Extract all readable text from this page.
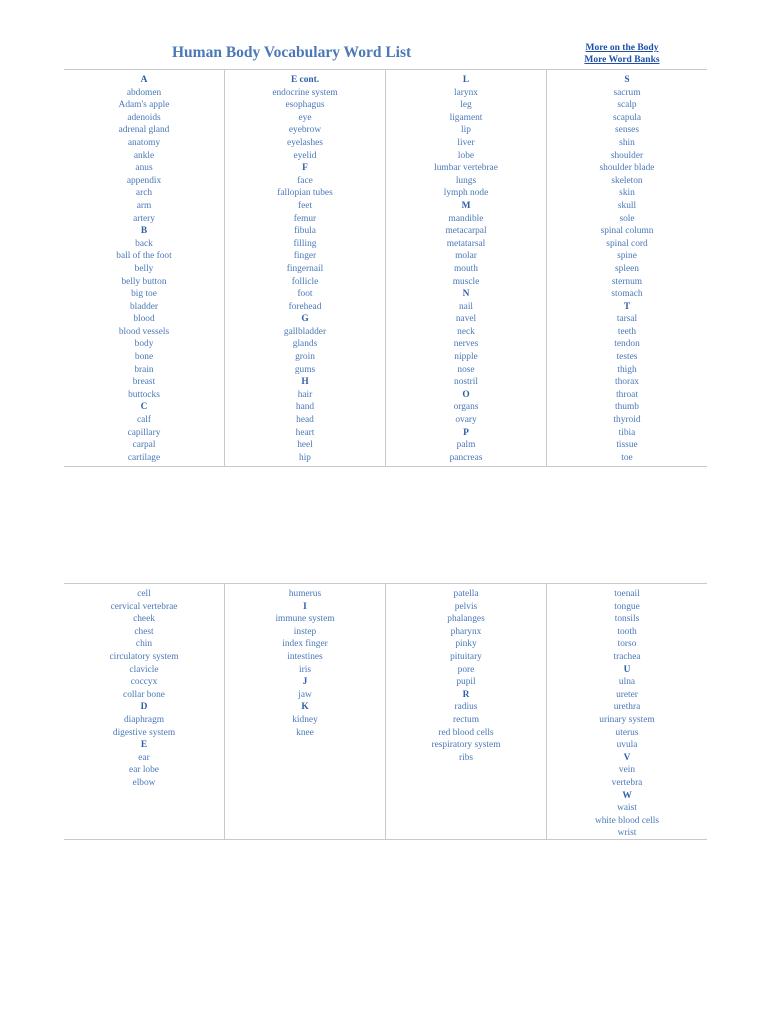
Human Body Vocabulary Word List	More on the Body
More Word Banks
A
abdomen
Adam's apple
adenoids
adrenal gland
anatomy
ankle
anus
appendix
arch
arm
artery
B
back
ball of the foot
belly
belly button
big toe
bladder
blood
blood vessels
body
bone
brain
breast
buttocks
C
calf
capillary
carpal
cartilage
E cont.
endocrine system
esophagus
eye
eyebrow
eyelashes
eyelid
F
face
fallopian tubes
feet
femur
fibula
filling
finger
fingernail
follicle
foot
forehead
G
gallbladder
glands
groin
gums
H
hair
hand
head
heart
heel
hip
L
larynx
leg
ligament
lip
liver
lobe
lumbar vertebrae
lungs
lymph node
M
mandible
metacarpal
metatarsal
molar
mouth
muscle
N
nail
navel
neck
nerves
nipple
nose
nostril
O
organs
ovary
P
palm
pancreas
S
sacrum
scalp
scapula
senses
shin
shoulder
shoulder blade
skeleton
skin
skull
sole
spinal column
spinal cord
spine
spleen
sternum
stomach
T
tarsal
teeth
tendon
testes
thigh
thorax
throat
thumb
thyroid
tibia
tissue
toe
cell
cervical vertebrae
cheek
chest
chin
circulatory system
clavicle
coccyx
collar bone
D
diaphragm
digestive system
E
ear
ear lobe
elbow
humerus
I
immune system
instep
index finger
intestines
iris
J
jaw
K
kidney
knee
patella
pelvis
phalanges
pharynx
pinky
pituitary
pore
pupil
R
radius
rectum
red blood cells
respiratory system
ribs
toenail
tongue
tonsils
tooth
torso
trachea
U
ulna
ureter
urethra
urinary system
uterus
uvula
V
vein
vertebra
W
waist
white blood cells
wrist
